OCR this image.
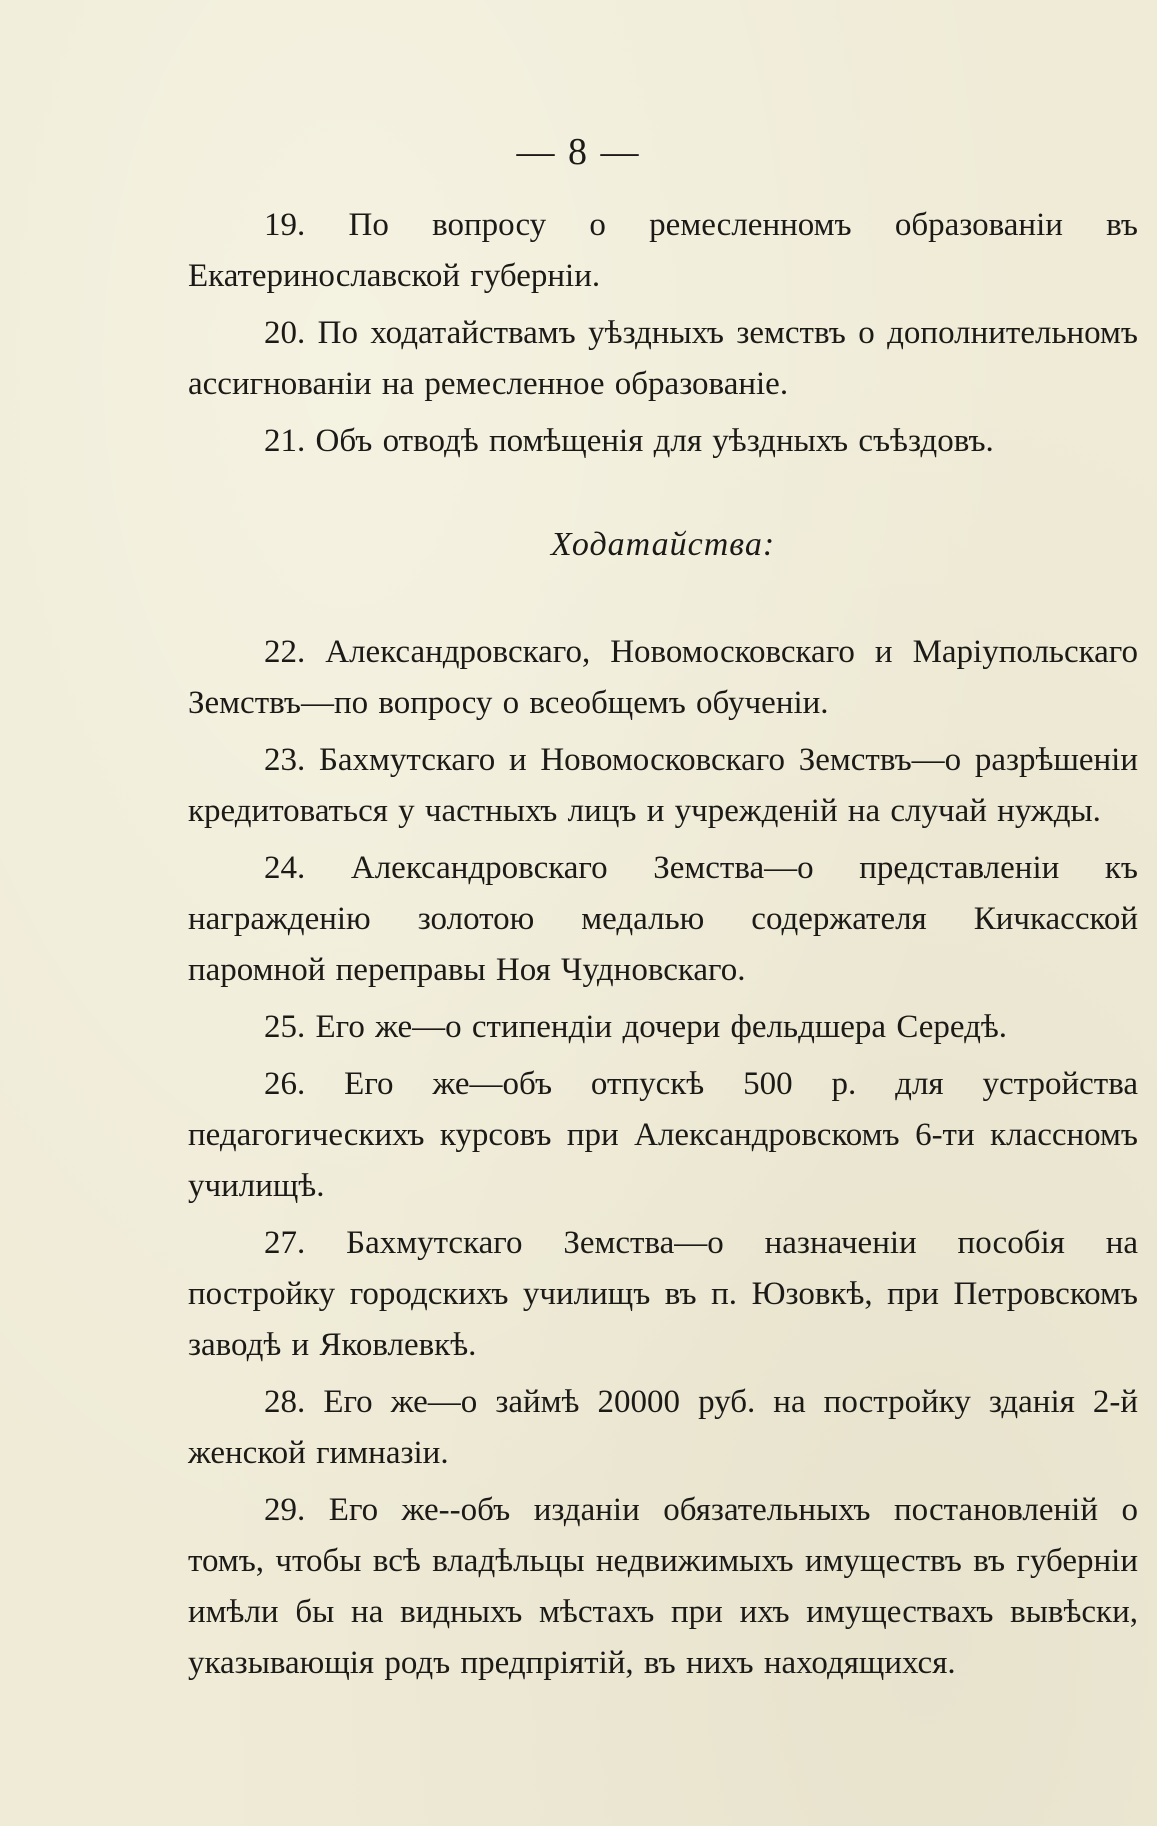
— 8 —

19. По вопросу о ремесленномъ образованіи въ Екатеринославской губерніи.

20. По ходатайствамъ уѣздныхъ земствъ о дополнительномъ ассигнованіи на ремесленное образованіе.

21. Объ отводѣ помѣщенія для уѣздныхъ съѣздовъ.

Ходатайства:

22. Александровскаго, Новомосковскаго и Маріупольскаго Земствъ—по вопросу о всеобщемъ обученіи.

23. Бахмутскаго и Новомосковскаго Земствъ—о разрѣшеніи кредитоваться у частныхъ лицъ и учрежденій на случай нужды.

24. Александровскаго Земства—о представленіи къ награжденію золотою медалью содержателя Кичкасской паромной переправы Ноя Чудновскаго.

25. Его же—о стипендіи дочери фельдшера Середѣ.

26. Его же—объ отпускѣ 500 р. для устройства педагогическихъ курсовъ при Александровскомъ 6-ти классномъ училищѣ.

27. Бахмутскаго Земства—о назначеніи пособія на постройку городскихъ училищъ въ п. Юзовкѣ, при Петровскомъ заводѣ и Яковлевкѣ.

28. Его же—о займѣ 20000 руб. на постройку зданія 2-й женской гимназіи.

29. Его же--объ изданіи обязательныхъ постановленій о томъ, чтобы всѣ владѣльцы недвижимыхъ имуществъ въ губерніи имѣли бы на видныхъ мѣстахъ при ихъ имуществахъ вывѣски, указывающія родъ предпріятій, въ нихъ находящихся.
